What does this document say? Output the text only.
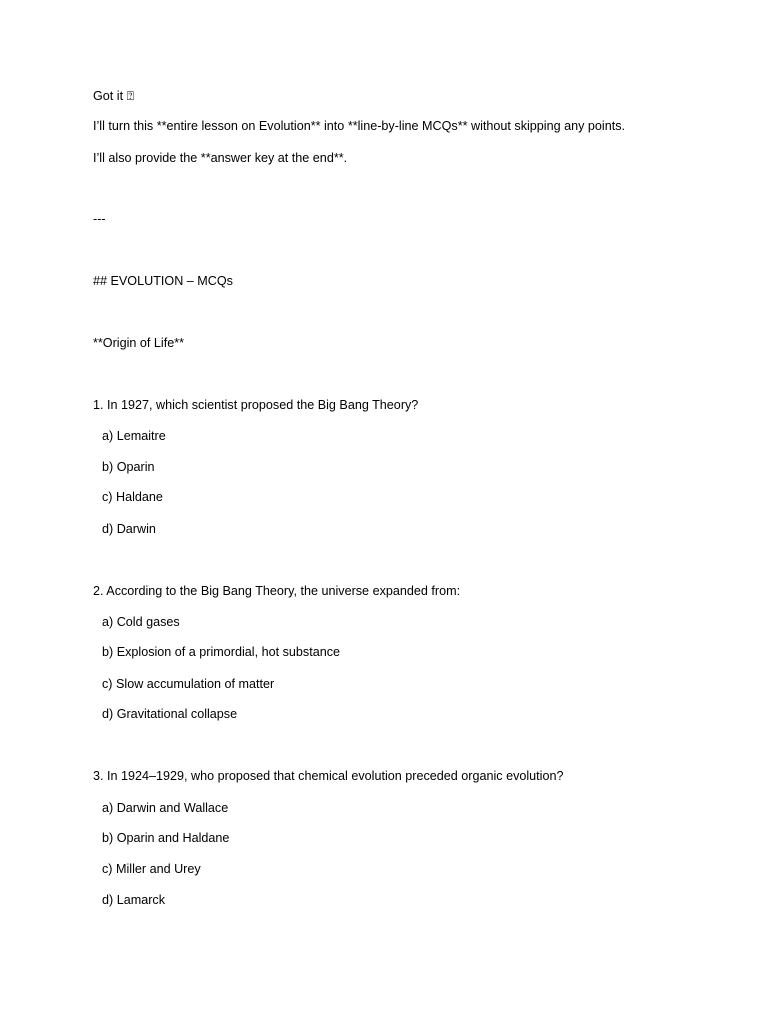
Got it ⍰
I’ll turn this **entire lesson on Evolution** into **line-by-line MCQs** without skipping any points.
I’ll also provide the **answer key at the end**.
---
## EVOLUTION – MCQs
**Origin of Life**
1. In 1927, which scientist proposed the Big Bang Theory?
a) Lemaitre
b) Oparin
c) Haldane
d) Darwin
2. According to the Big Bang Theory, the universe expanded from:
a) Cold gases
b) Explosion of a primordial, hot substance
c) Slow accumulation of matter
d) Gravitational collapse
3. In 1924–1929, who proposed that chemical evolution preceded organic evolution?
a) Darwin and Wallace
b) Oparin and Haldane
c) Miller and Urey
d) Lamarck
